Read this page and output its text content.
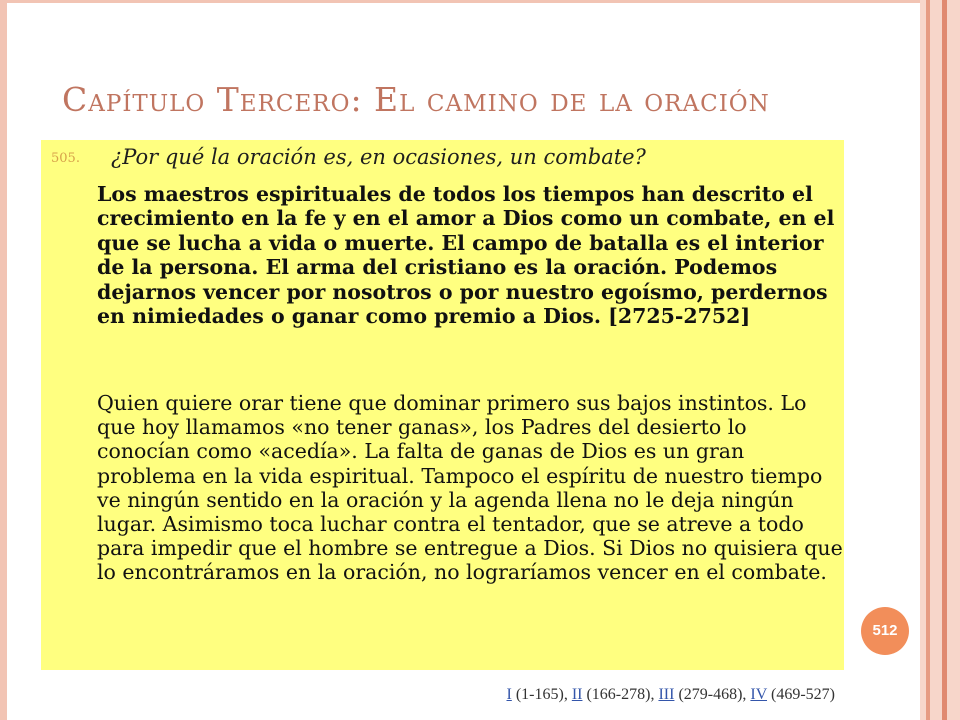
Capítulo Tercero: El camino de la oración
505. ¿Por qué la oración es, en ocasiones, un combate?
Los maestros espirituales de todos los tiempos han descrito el crecimiento en la fe y en el amor a Dios como un combate, en el que se lucha a vida o muerte. El campo de batalla es el interior de la persona. El arma del cristiano es la oración. Podemos dejarnos vencer por nosotros o por nuestro egoísmo, perdernos en nimiedades o ganar como premio a Dios. [2725-2752]
Quien quiere orar tiene que dominar primero sus bajos instintos. Lo que hoy llamamos «no tener ganas», los Padres del desierto lo conocían como «acedía». La falta de ganas de Dios es un gran problema en la vida espiritual. Tampoco el espíritu de nuestro tiempo ve ningún sentido en la oración y la agenda llena no le deja ningún lugar. Asimismo toca luchar contra el tentador, que se atreve a todo para impedir que el hombre se entregue a Dios. Si Dios no quisiera que lo encontráramos en la oración, no lograríamos vencer en el combate.
512
I (1-165), II (166-278), III (279-468), IV (469-527)
